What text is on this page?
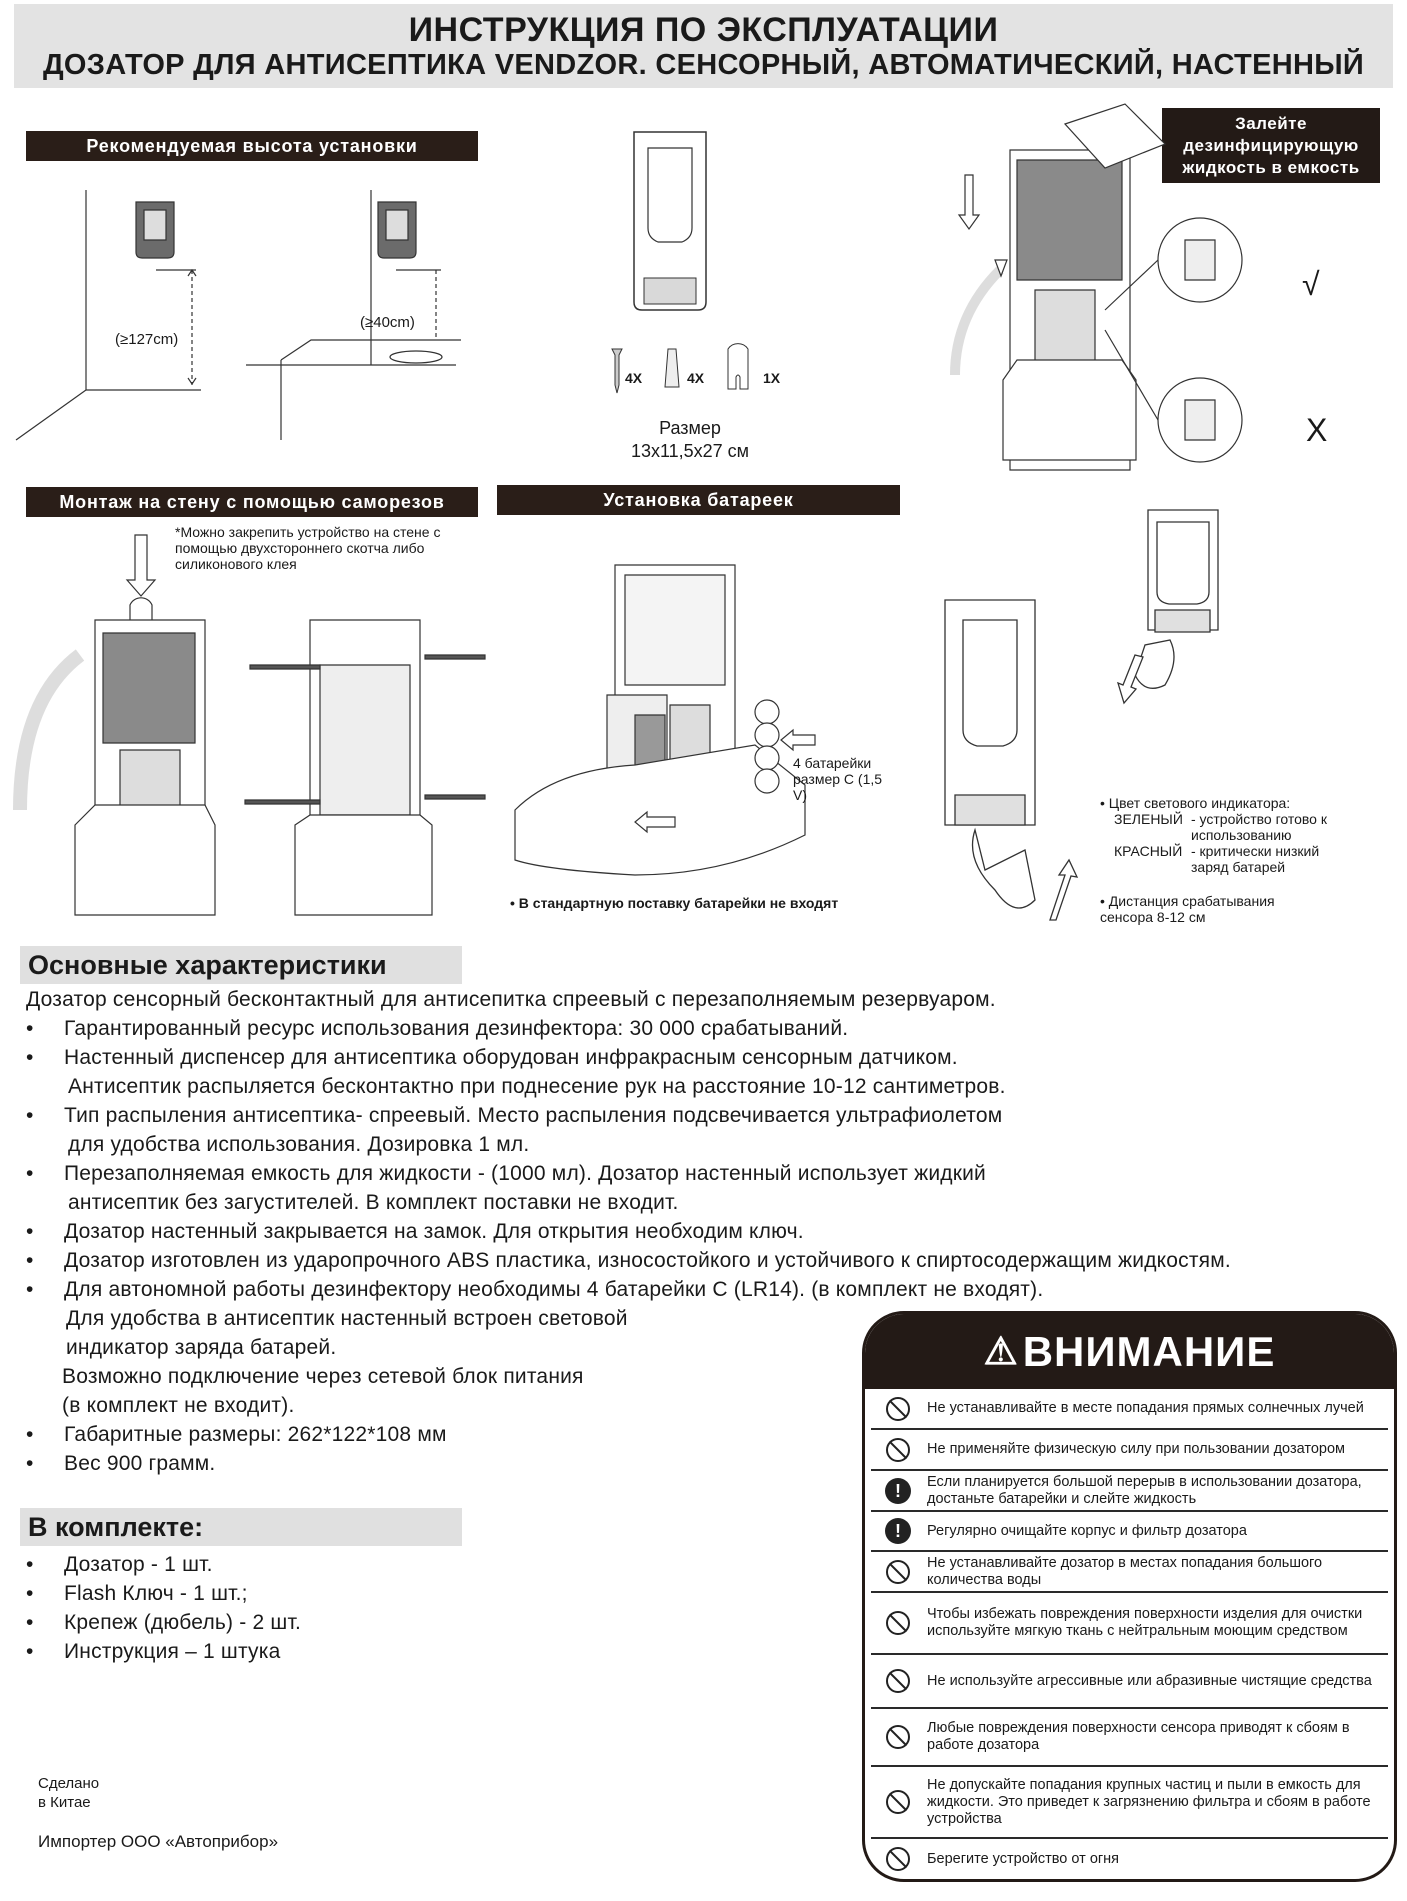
ИНСТРУКЦИЯ ПО ЭКСПЛУАТАЦИИ
ДОЗАТОР ДЛЯ АНТИСЕПТИКА VENDZOR. СЕНСОРНЫЙ, АВТОМАТИЧЕСКИЙ, НАСТЕННЫЙ
Рекомендуемая высота установки
(≥127cm)
(≥40cm)
4X	4X	1X
Размер
13x11,5x27 см
Залейте дезинфицирующую жидкость в емкость
√
X
Монтаж на стену с помощью саморезов
*Можно закрепить устройство на стене с помощью двухстороннего скотча либо силиконового клея
Установка батареек
4 батарейки размер С (1,5 V)
• В стандартную поставку батарейки не входят
• Цвет светового индикатора:
ЗЕЛЕНЫЙ - устройство готово к использованию
КРАСНЫЙ - критически низкий заряд батарей
• Дистанция срабатывания сенсора 8-12 см
Основные характеристики
Дозатор сенсорный бесконтактный для антисепитка спреевый с перезаполняемым резервуаром.
• Гарантированный ресурс использования дезинфектора: 30 000 срабатываний.
• Настенный диспенсер для антисептика оборудован инфракрасным сенсорным датчиком.
Антисептик распыляется бесконтактно при поднесение рук на расстояние 10-12 сантиметров.
• Тип распыления антисептика- спреевый. Место распыления подсвечивается ультрафиолетом
для удобства использования. Дозировка 1 мл.
• Перезаполняемая емкость для жидкости - (1000 мл). Дозатор настенный использует жидкий
антисептик без загустителей. В комплект поставки не входит.
• Дозатор настенный закрывается на замок. Для открытия необходим ключ.
• Дозатор изготовлен из ударопрочного ABS пластика, износостойкого и устойчивого к спиртосодержащим жидкостям.
• Для автономной работы дезинфектору необходимы 4 батарейки С (LR14). (в комплект не входят).
Для удобства в антисептик настенный встроен световой
индикатор заряда батарей.
Возможно подключение через сетевой блок питания
(в комплект не входит).
• Габаритные размеры: 262*122*108 мм
• Вес 900 грамм.
В комплекте:
• Дозатор - 1 шт.
• Flash Ключ - 1 шт.;
• Крепеж (дюбель) - 2 шт.
• Инструкция – 1 штука
Сделано
в Китае
Импортер ООО «Автоприбор»
⚠ ВНИМАНИЕ
Не устанавливайте в месте попадания прямых солнечных лучей
Не применяйте физическую силу при пользовании дозатором
!	Если планируется большой перерыв в использовании дозатора, достаньте батарейки и слейте жидкость
!	Регулярно очищайте корпус и фильтр дозатора
Не устанавливайте дозатор в местах попадания большого количества воды
Чтобы избежать повреждения поверхности изделия для очистки используйте мягкую ткань с нейтральным моющим средством
Не используйте агрессивные или абразивные чистящие средства
Любые повреждения поверхности сенсора приводят к сбоям в работе дозатора
Не допускайте попадания крупных частиц и пыли в емкость для жидкости. Это приведет к загрязнению фильтра и сбоям в работе устройства
Берегите устройство от огня
